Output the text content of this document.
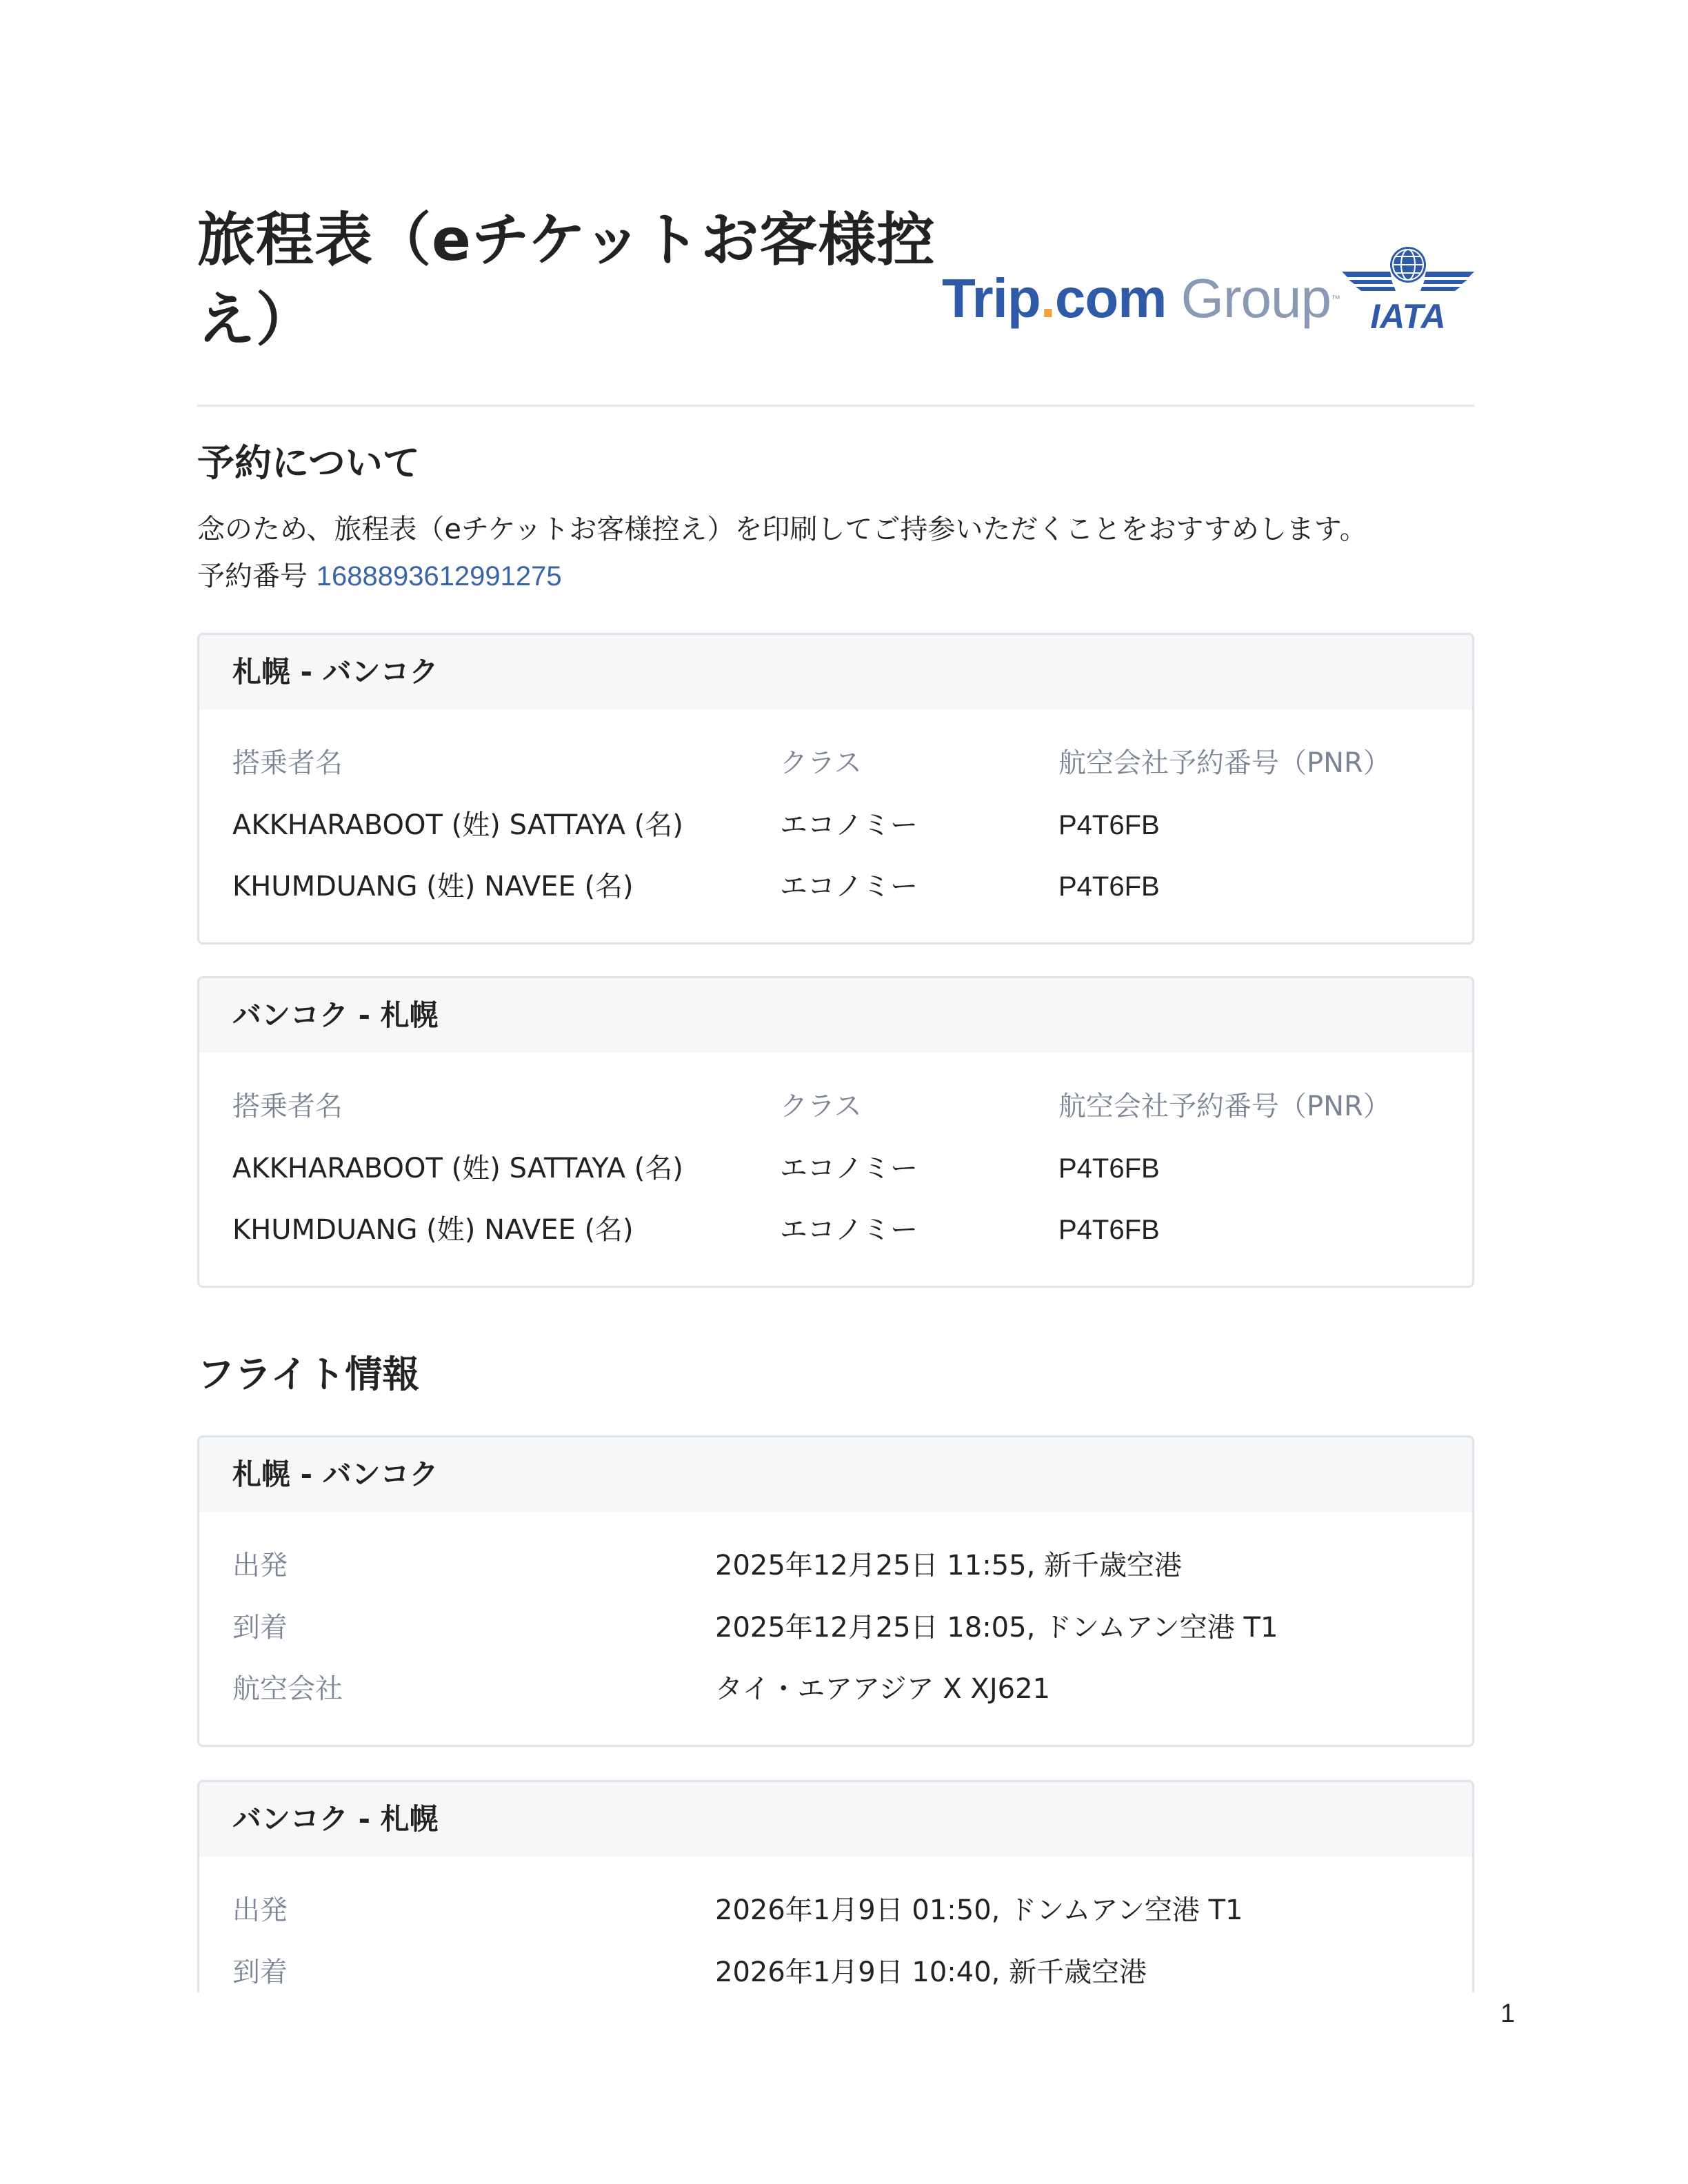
旅程表（eチケットお客様控え）	Trip.com Group™ IATA
予約について
念のため、旅程表（eチケットお客様控え）を印刷してご持参いただくことをおすすめします。
予約番号 1688893612991275
札幌 - バンコク
搭乗者名	クラス	航空会社予約番号（PNR）
AKKHARABOOT (姓) SATTAYA (名)	エコノミー	P4T6FB
KHUMDUANG (姓) NAVEE (名)	エコノミー	P4T6FB
バンコク - 札幌
搭乗者名	クラス	航空会社予約番号（PNR）
AKKHARABOOT (姓) SATTAYA (名)	エコノミー	P4T6FB
KHUMDUANG (姓) NAVEE (名)	エコノミー	P4T6FB
フライト情報
札幌 - バンコク
出発	2025年12月25日 11:55, 新千歳空港
到着	2025年12月25日 18:05, ドンムアン空港 T1
航空会社	タイ・エアアジア X XJ621
バンコク - 札幌
出発	2026年1月9日 01:50, ドンムアン空港 T1
到着	2026年1月9日 10:40, 新千歳空港
1
